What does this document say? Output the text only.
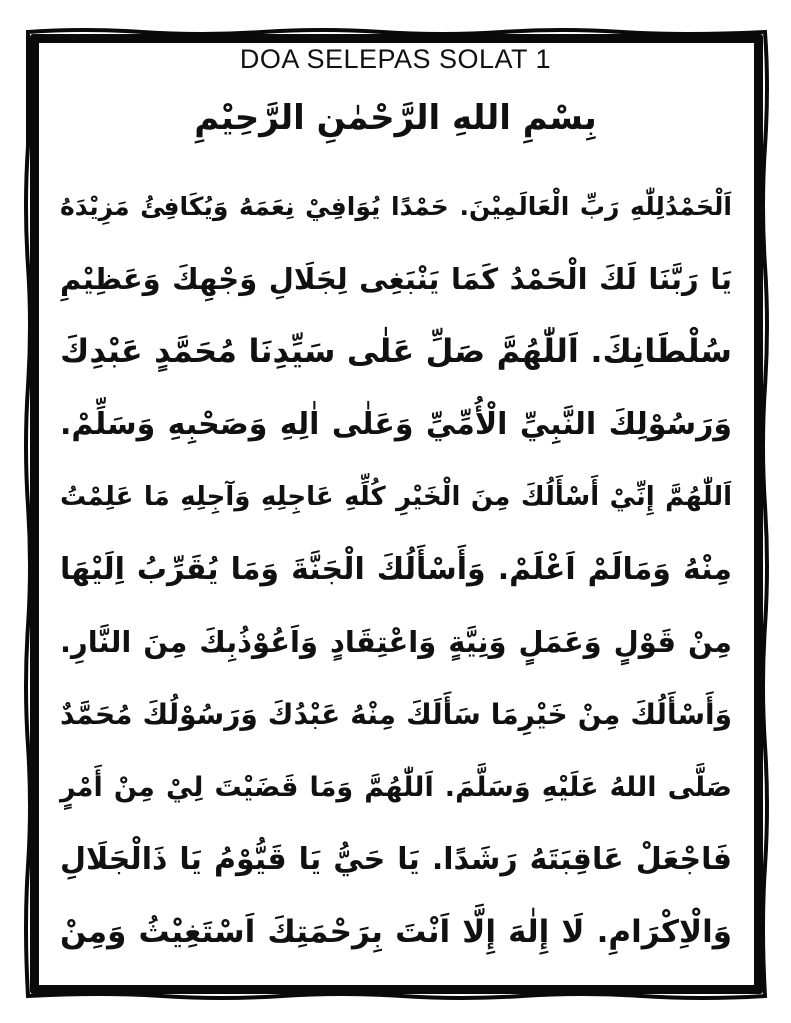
DOA SELEPAS SOLAT 1
بِسْمِ اللهِ الرَّحْمٰنِ الرَّحِيْمِ
اَلْحَمْدُلِلّٰهِ رَبِّ الْعَالَمِيْنَ. حَمْدًا يُوَافِيْ نِعَمَهُ وَيُكَافِئُ مَزِيْدَهُ
يَا رَبَّنَا لَكَ الْحَمْدُ كَمَا يَنْبَغِى لِجَلَالِ وَجْهِكَ وَعَظِيْمِ
سُلْطَانِكَ. اَللّٰهُمَّ صَلِّ عَلٰى سَيِّدِنَا مُحَمَّدٍ عَبْدِكَ
وَرَسُوْلِكَ النَّبِيِّ الْأُمِّيِّ وَعَلٰى اٰلِهِ وَصَحْبِهِ وَسَلِّمْ.
اَللّٰهُمَّ إِنِّيْ أَسْأَلُكَ مِنَ الْخَيْرِ كُلِّهِ عَاجِلِهِ وَآجِلِهِ مَا عَلِمْتُ
مِنْهُ وَمَالَمْ اَعْلَمْ. وَأَسْأَلُكَ الْجَنَّةَ وَمَا يُقَرِّبُ اِلَيْهَا
مِنْ قَوْلٍ وَعَمَلٍ وَنِيَّةٍ وَاعْتِقَادٍ وَاَعُوْذُبِكَ مِنَ النَّارِ.
وَأَسْأَلُكَ مِنْ خَيْرِمَا سَأَلَكَ مِنْهُ عَبْدُكَ وَرَسُوْلُكَ مُحَمَّدٌ
صَلَّى اللهُ عَلَيْهِ وَسَلَّمَ. اَللّٰهُمَّ وَمَا قَضَيْتَ لِيْ مِنْ أَمْرٍ
فَاجْعَلْ عَاقِبَتَهُ رَشَدًا. يَا حَيُّ يَا قَيُّوْمُ يَا ذَالْجَلَالِ
وَالْاِكْرَامِ. لَا إِلٰهَ إِلَّا اَنْتَ بِرَحْمَتِكَ اَسْتَغِيْثُ وَمِنْ
